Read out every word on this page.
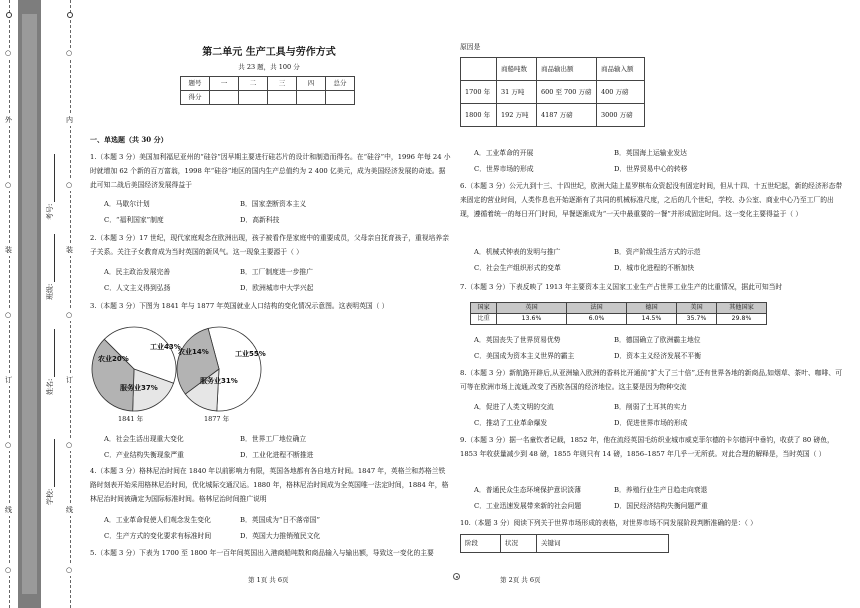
○
外
○
装
○
订
○
线
○
学校:
姓名:
班级:
考号:
○
内
○
装
○
订
○
线
○
第二单元 生产工具与劳作方式
共 23 题，共 100 分
题号	一	二	三	四	总分
得分					
一、单选题（共 30 分）

1.（本题 3 分）美国加利福尼亚州的“硅谷”因早期主要进行硅芯片的设计和制造而得名。在“硅谷”中，1996 年每 24 小时就增加 62 个新的百万富翁，1998 年“硅谷”地区的国内生产总值约为 2 400 亿美元，成为美国经济发展的奇迹。据此可知二战后美国经济发展得益于

A．马歇尔计划	B．国家垄断资本主义
C．“福利国家”制度	D．高新科技

2.（本题 3 分）17 世纪，现代家庭观念在欧洲出现，孩子被看作是家庭中的重要成员，父母亲自抚育孩子，重视培养亲子关系。关注子女教育成为当时英国的新风气。这一现象主要源于（ ）

A．民主政治发展完善	B．工厂制度进一步推广
C．人文主义得到弘扬	D．欧洲城市中大学兴起

3.（本题 3 分）下图为 1841 年与 1877 年英国就业人口结构的变化情况示意图。这表明英国（ ）

工业43%
农业20%
服务业37%
工业55%
农业14%
服务业31%
1841 年	1877 年
A．社会生活出现重大变化	B．世界工厂地位确立
C．产业结构失衡现象严重	D．工业化进程不断推进

4.（本题 3 分）格林尼治时间在 1840 年以前影响力有限，英国各地都有各自地方时间。1847 年，英格兰和苏格兰铁路时刻表开始采用格林尼治时间，优化城际交通汉运。1880 年，格林尼治时间成为全英国唯一法定时间，1884 年，格林尼治时间被确定为国际标准时间。格林尼治时间推广说明

A．工业革命促使人们观念发生变化	B．英国成为“日不落帝国”
C．生产方式的变化要求有标准时间	D．英国大力推销殖民文化

5.（本题 3 分）下表为 1700 至 1800 年一百年间英国出入港商船吨数和商品输入与输出额，导致这一变化的主要

第 1页 共 6页

原因是

	商船吨数	商品输出额	商品输入额
1700 年	31 万吨	600 至 700 万磅	400 万磅
1800 年	192 万吨	4187 万磅	3000 万磅
A．工业革命的开展	B．英国海上运输业发达
C．世界市场的形成	D．世界贸易中心的转移

6.（本题 3 分）公元九到十三、十四世纪，欧洲大陆上星罗棋布众资起没有固定时间，但从十四、十五世纪起，新的经济形态带来固定的营业时间，人类作息也开始逐渐有了共同的机械标准尺度，之后的几个世纪，学校、办公室、商业中心乃至工厂的出现，遵循着统一的每日开门时间，早餐逐渐成为“一天中最重要的一餐”并形成固定时间。这一变化主要得益于（ ）

A．机械式钟表的发明与推广	B．资产阶级生活方式的示范
C．社会生产组织形式的变革	D．城市化进程的不断加快

7.（本题 3 分）下表反映了 1913 年主要资本主义国家工业生产占世界工业生产的比重情况，据此可知当时

国家	英国	法国	德国	美国	其他国家
比重	13.6%	6.0%	14.5%	35.7%	29.8%
A．英国丧失了世界贸易优势	B．德国确立了欧洲霸主地位
C．美国成为资本主义世界的霸主	D．资本主义经济发展不平衡

8.（本题 3 分）新航路开辟后,从亚洲输入欧洲的香料比开通前“扩大了三十倍”,还有世界各地的新商品,如烟草、茶叶、咖啡、可可等在欧洲市场上流通,改变了西欧各国的经济地位。这主要是因为物种交流

A．促进了人类文明的交流	B．削弱了土耳其的实力
C．推动了工业革命爆发	D．促进世界市场的形成

9.（本题 3 分）据一名童钦者记载，1852 年，他在流经英国毛纺织业城市威克菲尔德的卡尔德河中垂钓，收获了 80 磅鱼，1853 年收获量减少到 48 磅，1855 年则只有 14 磅，1856–1857 年几乎一无所获。对此合理的解释是，当时英国（ ）

A．普通民众生态环境保护意识淡薄	B．养殖行业生产日趋走向衰退
C．工业迅速发展带来新的社会问题	D．国民经济结构失衡问题严重

10.（本题 3 分）阅读下列关于世界市场形成的表格，对世界市场不同发展阶段判断准确的是：（ ）

阶段	状况	关键词
第 2页 共 6页
